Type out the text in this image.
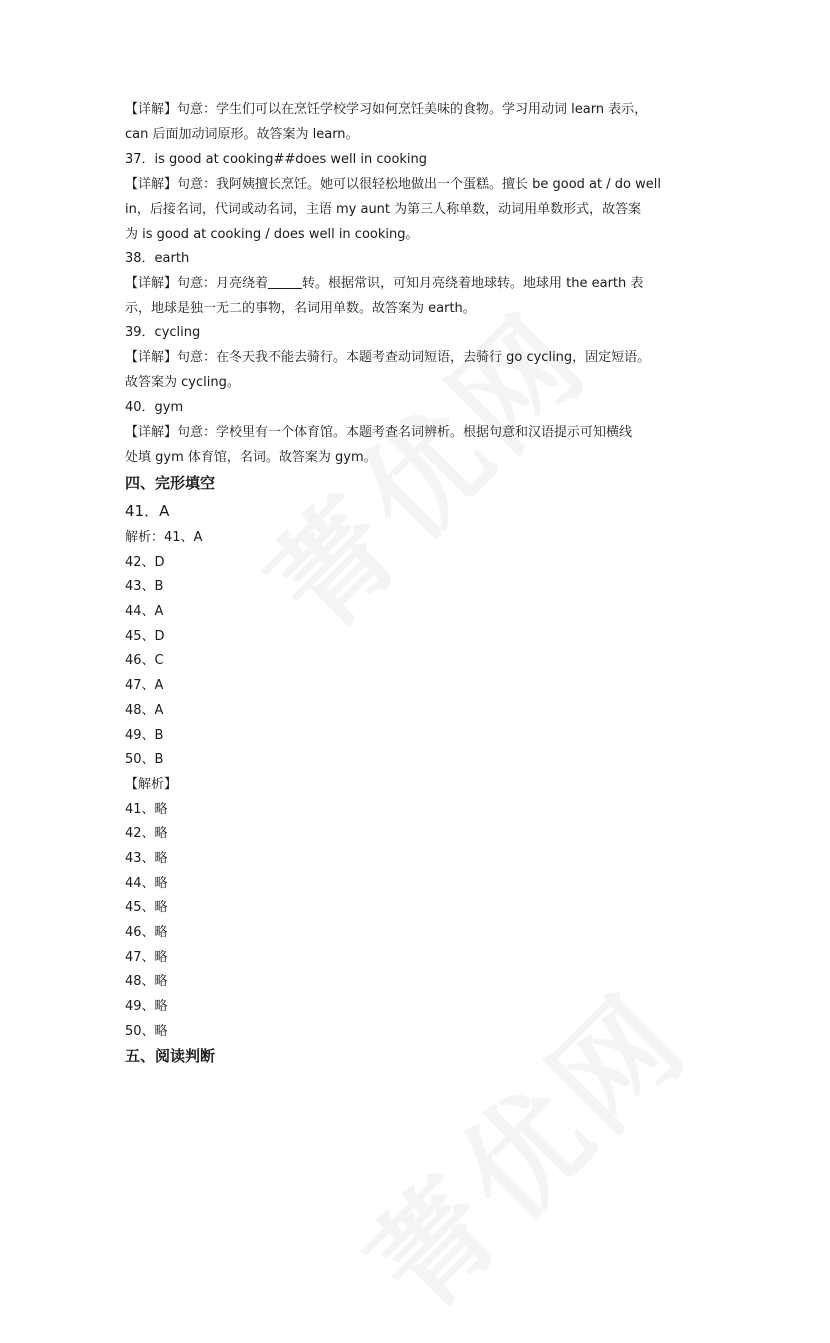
【详解】句意：学生们可以在烹饪学校学习如何烹饪美味的食物。学习用动词 learn 表示，
can 后面加动词原形。故答案为 learn。
37．is good at cooking##does well in cooking
【详解】句意：我阿姨擅长烹饪。她可以很轻松地做出一个蛋糕。擅长 be good at / do well
in，后接名词，代词或动名词，主语 my aunt 为第三人称单数，动词用单数形式，故答案
为 is good at cooking / does well in cooking。
38．earth
【详解】句意：月亮绕着	转。根据常识，可知月亮绕着地球转。地球用 the earth 表
示，地球是独一无二的事物，名词用单数。故答案为 earth。
39．cycling
【详解】句意：在冬天我不能去骑行。本题考查动词短语，去骑行 go cycling，固定短语。
故答案为 cycling。
40．gym
【详解】句意：学校里有一个体育馆。本题考查名词辨析。根据句意和汉语提示可知横线
处填 gym 体育馆，名词。故答案为 gym。
四、完形填空
41．A
解析：41、A
42、D
43、B
44、A
45、D
46、C
47、A
48、A
49、B
50、B
【解析】
41、略
42、略
43、略
44、略
45、略
46、略
47、略
48、略
49、略
50、略
五、阅读判断
